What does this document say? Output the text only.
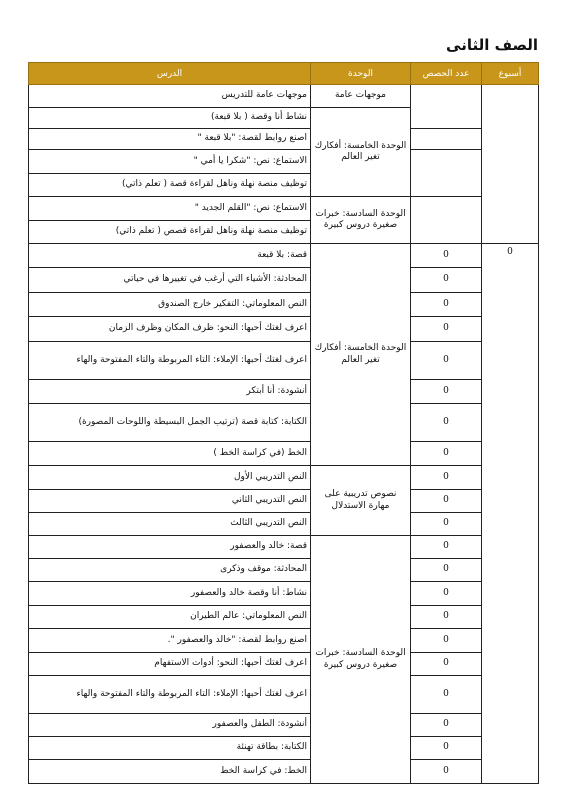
الصف الثانى
أسبوع	عدد الحصص	الوحدة	الدرس
		موجهات عامة	موجهات عامة للتدريس
		الوحدة الخامسة: أفكارك تغير العالم	نشاط أنا وقصة ( بلا قبعة)
			اصنع روابط لقصة: "بلا قبعة "
			الاستماع: نص: "شكرا يا أمي "
			توظيف منصة نهلة وناهل لقراءة قصة ( تعلم ذاتي)
		الوحدة السادسة: خبرات صغيرة دروس كبيرة	الاستماع: نص: "القلم الجديد "
			توظيف منصة نهلة وناهل لقراءة قصص ( تعلم ذاتي)
0	0	الوحدة الخامسة: أفكارك تغير العالم	قصة: بلا قبعة
	0		المحادثة: الأشياء التي أرغب في تغييرها في حياتي
	0		النص المعلوماتي: التفكير خارج الصندوق
	0		اعرف لغتك أحبها: النحو: ظرف المكان وظرف الزمان
	0		اعرف لغتك أحبها: الإملاء: التاء المربوطة والتاء المفتوحة والهاء
	0		أنشودة: أنا أبتكر
	0		الكتابة: كتابة قصة (ترتيب الجمل البسيطة واللوحات المصورة)
	0		الخط (في كراسة الخط )
	0	نصوص تدريبية على مهارة الاستدلال	النص التدريبي الأول
	0		النص التدريبي الثاني
	0		النص التدريبي الثالث
	0	الوحدة السادسة: خبرات صغيرة دروس كبيرة	قصة: خالد والعصفور
	0		المحادثة: موقف وذكرى
	0		نشاط: أنا وقصة خالد والعصفور
	0		النص المعلوماتي: عالم الطيران
	0		اصنع روابط لقصة: "خالد والعصفور ".
	0		اعرف لغتك أحبها: النحو: أدوات الاستفهام
	0		اعرف لغتك أحبها: الإملاء: التاء المربوطة والتاء المفتوحة والهاء
	0		أنشودة: الطفل والعصفور
	0		الكتابة: بطاقة تهنئة
	0		الخط: في كراسة الخط
